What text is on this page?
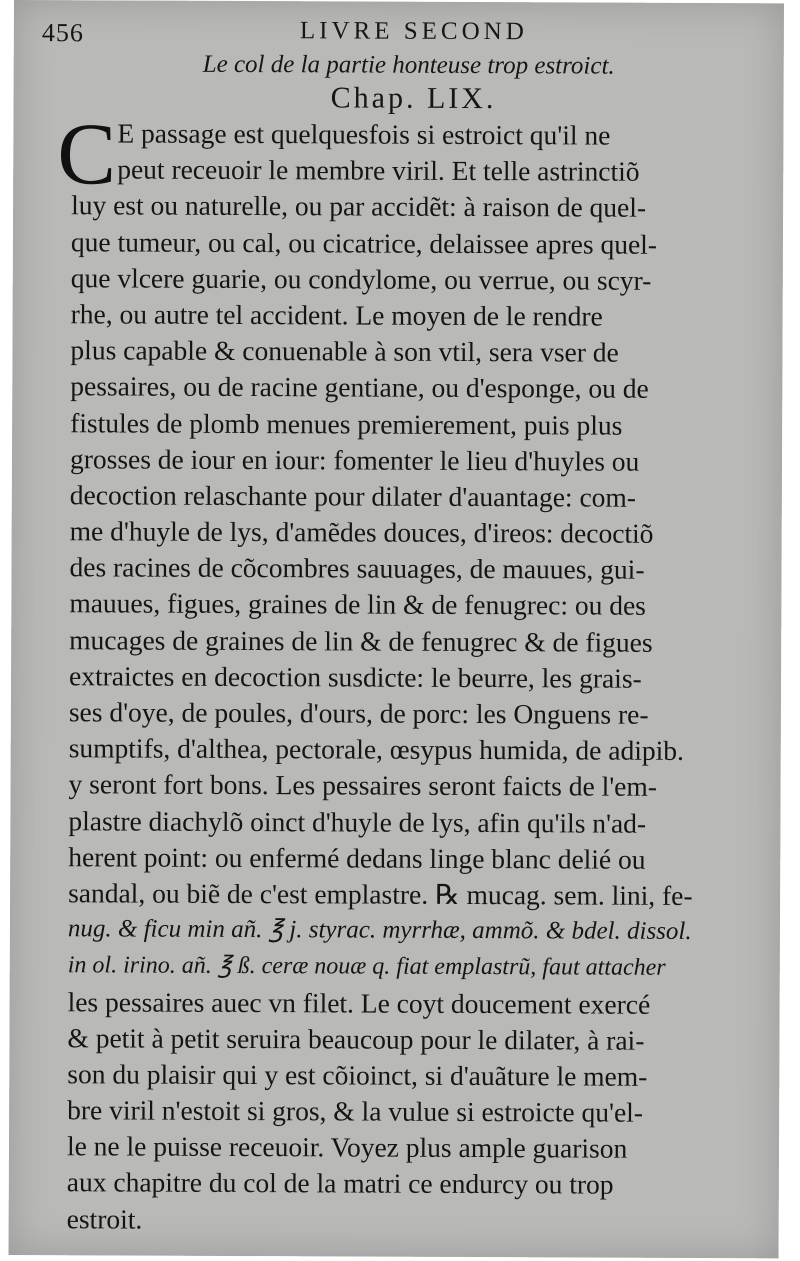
456	LIVRE SECOND
Le col de la partie honteuse trop estroict.
Chap. LIX.
C E passage est quelquesfois si estroict qu'il ne
peut receuoir le membre viril. Et telle astrinctiõ
luy est ou naturelle, ou par accidẽt: à raison de quel-
que tumeur, ou cal, ou cicatrice, delaissee apres quel-
que vlcere guarie, ou condylome, ou verrue, ou scyr-
rhe, ou autre tel accident. Le moyen de le rendre
plus capable & conuenable à son vtil, sera vser de
pessaires, ou de racine gentiane, ou d'esponge, ou de
fistules de plomb menues premierement, puis plus
grosses de iour en iour: fomenter le lieu d'huyles ou
decoction relaschante pour dilater d'auantage: com-
me d'huyle de lys, d'amẽdes douces, d'ireos: decoctiõ
des racines de cõcombres sauuages, de mauues, gui-
mauues, figues, graines de lin & de fenugrec: ou des
mucages de graines de lin & de fenugrec & de figues
extraictes en decoction susdicte: le beurre, les grais-
ses d'oye, de poules, d'ours, de porc: les Onguens re-
sumptifs, d'althea, pectorale, œsypus humida, de adipib.
y seront fort bons. Les pessaires seront faicts de l'em-
plastre diachylõ oinct d'huyle de lys, afin qu'ils n'ad-
herent point: ou enfermé dedans linge blanc delié ou
sandal, ou biẽ de c'est emplastre. ℞ mucag. sem. lini, fe-
nug. & ficu min añ. ℥ j. styrac. myrrhæ, ammõ. & bdel. dissol.
in ol. irino. añ. ℥ ß. ceræ nouæ q. fiat emplastrũ, faut attacher
les pessaires auec vn filet. Le coyt doucement exercé
& petit à petit seruira beaucoup pour le dilater, à rai-
son du plaisir qui y est cõioinct, si d'auãture le mem-
bre viril n'estoit si gros, & la vulue si estroicte qu'el-
le ne le puisse receuoir. Voyez plus ample guarison
aux chapitre du col de la matri ce endurcy ou trop
estroit.
